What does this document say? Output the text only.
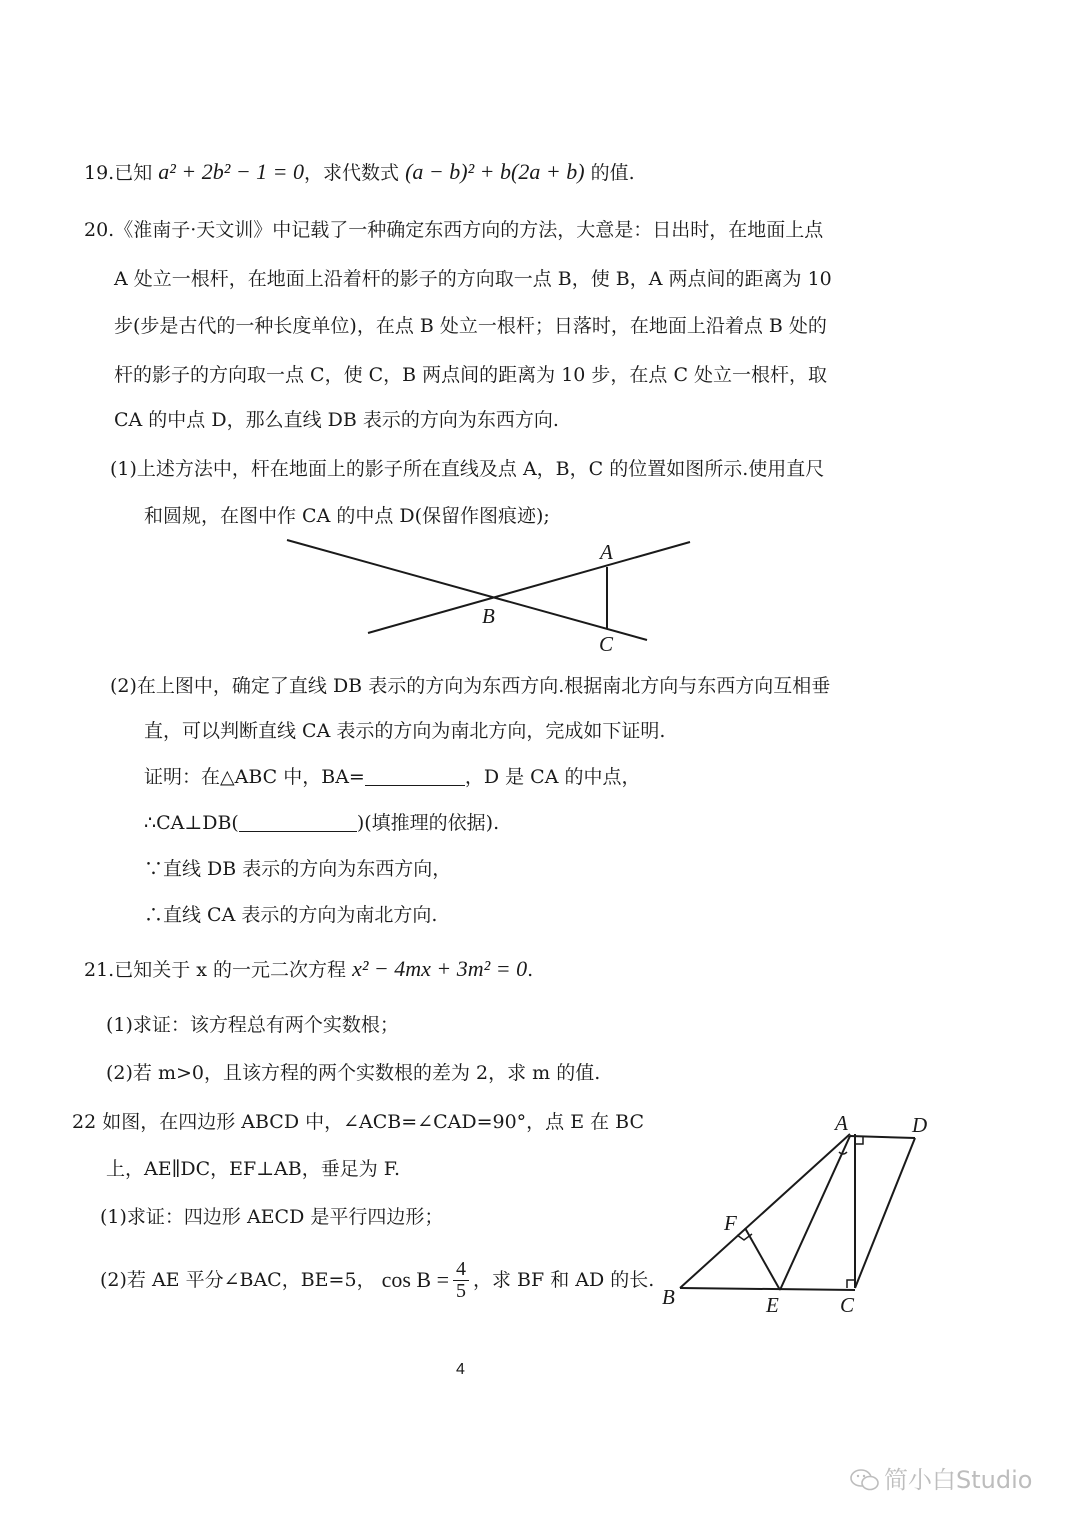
19.已知 a² + 2b² − 1 = 0，求代数式 (a − b)² + b(2a + b) 的值.
20.《淮南子·天文训》中记载了一种确定东西方向的方法，大意是：日出时，在地面上点
A 处立一根杆，在地面上沿着杆的影子的方向取一点 B，使 B，A 两点间的距离为 10
步(步是古代的一种长度单位)，在点 B 处立一根杆；日落时，在地面上沿着点 B 处的
杆的影子的方向取一点 C，使 C，B 两点间的距离为 10 步，在点 C 处立一根杆，取
CA 的中点 D，那么直线 DB 表示的方向为东西方向.
(1)上述方法中，杆在地面上的影子所在直线及点 A，B，C 的位置如图所示.使用直尺
和圆规，在图中作 CA 的中点 D(保留作图痕迹);
A
B
C
(2)在上图中，确定了直线 DB 表示的方向为东西方向.根据南北方向与东西方向互相垂
直，可以判断直线 CA 表示的方向为南北方向，完成如下证明.
证明：在△ABC 中，BA=	，D 是 CA 的中点，
∴CA⊥DB(	)(填推理的依据).
∵直线 DB 表示的方向为东西方向，
∴直线 CA 表示的方向为南北方向.
21.已知关于 x 的一元二次方程 x² − 4mx + 3m² = 0.
(1)求证：该方程总有两个实数根；
(2)若 m>0，且该方程的两个实数根的差为 2，求 m 的值.
22 如图，在四边形 ABCD 中，∠ACB=∠CAD=90°，点 E 在 BC
上，AE∥DC，EF⊥AB，垂足为 F.
(1)求证：四边形 AECD 是平行四边形；
(2)若 AE 平分∠BAC，BE=5， $\cos B = \frac{4}{5}$ ，求 BF 和 AD 的长.
A	D
F
B	E	C
4
简小白Studio
